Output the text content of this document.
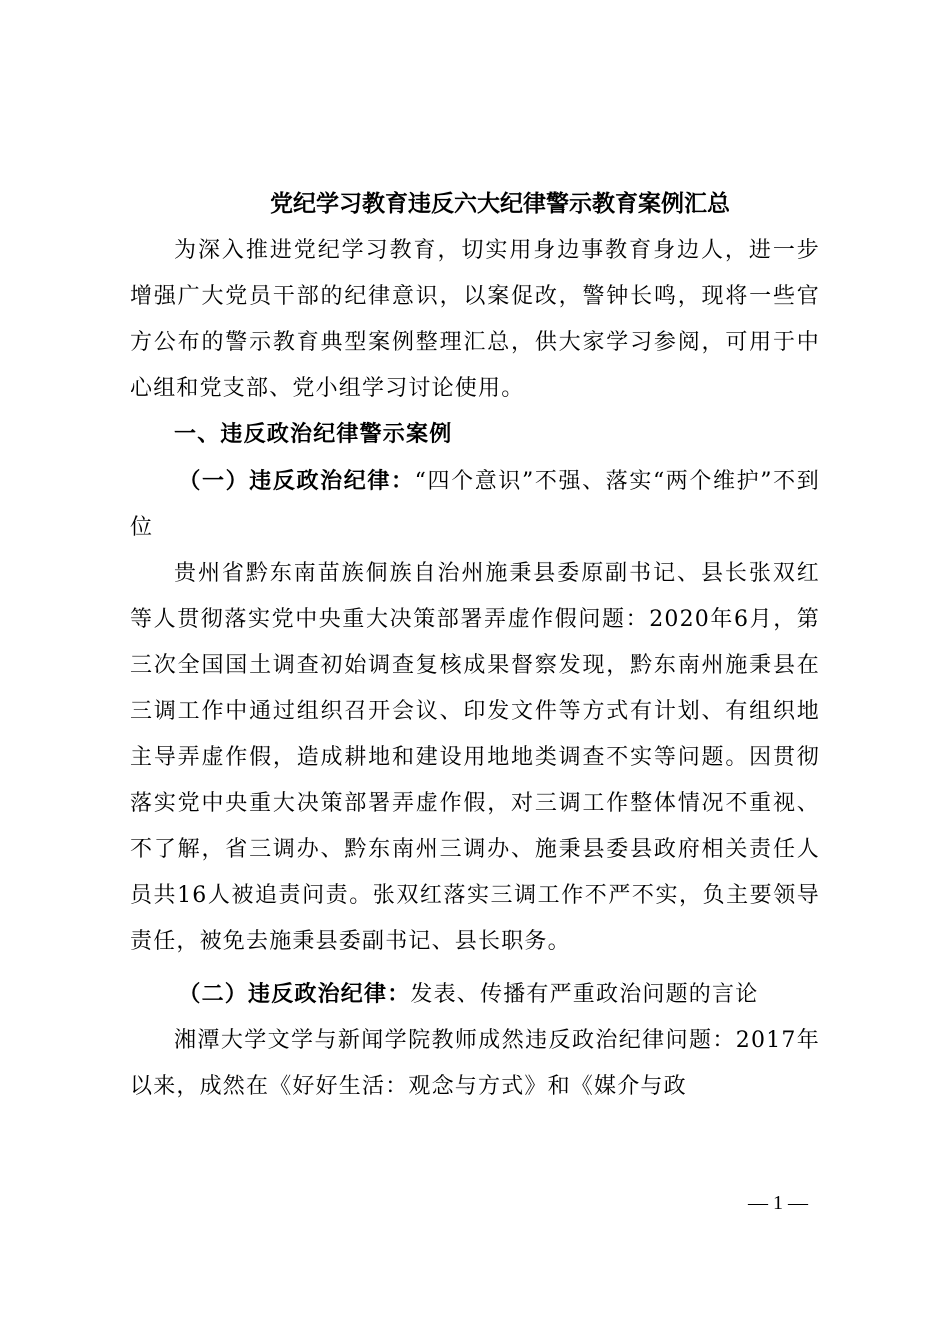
党纪学习教育违反六大纪律警示教育案例汇总

为深入推进党纪学习教育，切实用身边事教育身边人，进一步增强广大党员干部的纪律意识，以案促改，警钟长鸣，现将一些官方公布的警示教育典型案例整理汇总，供大家学习参阅，可用于中心组和党支部、党小组学习讨论使用。

一、违反政治纪律警示案例

（一）违反政治纪律：“四个意识”不强、落实“两个维护”不到位

贵州省黔东南苗族侗族自治州施秉县委原副书记、县长张双红等人贯彻落实党中央重大决策部署弄虚作假问题：2020年6月，第三次全国国土调查初始调查复核成果督察发现，黔东南州施秉县在三调工作中通过组织召开会议、印发文件等方式有计划、有组织地主导弄虚作假，造成耕地和建设用地地类调查不实等问题。因贯彻落实党中央重大决策部署弄虚作假，对三调工作整体情况不重视、不了解，省三调办、黔东南州三调办、施秉县委县政府相关责任人员共16人被追责问责。张双红落实三调工作不严不实，负主要领导责任，被免去施秉县委副书记、县长职务。

（二）违反政治纪律：发表、传播有严重政治问题的言论

湘潭大学文学与新闻学院教师成然违反政治纪律问题：2017年以来，成然在《好好生活：观念与方式》和《媒介与政

— 1 —
